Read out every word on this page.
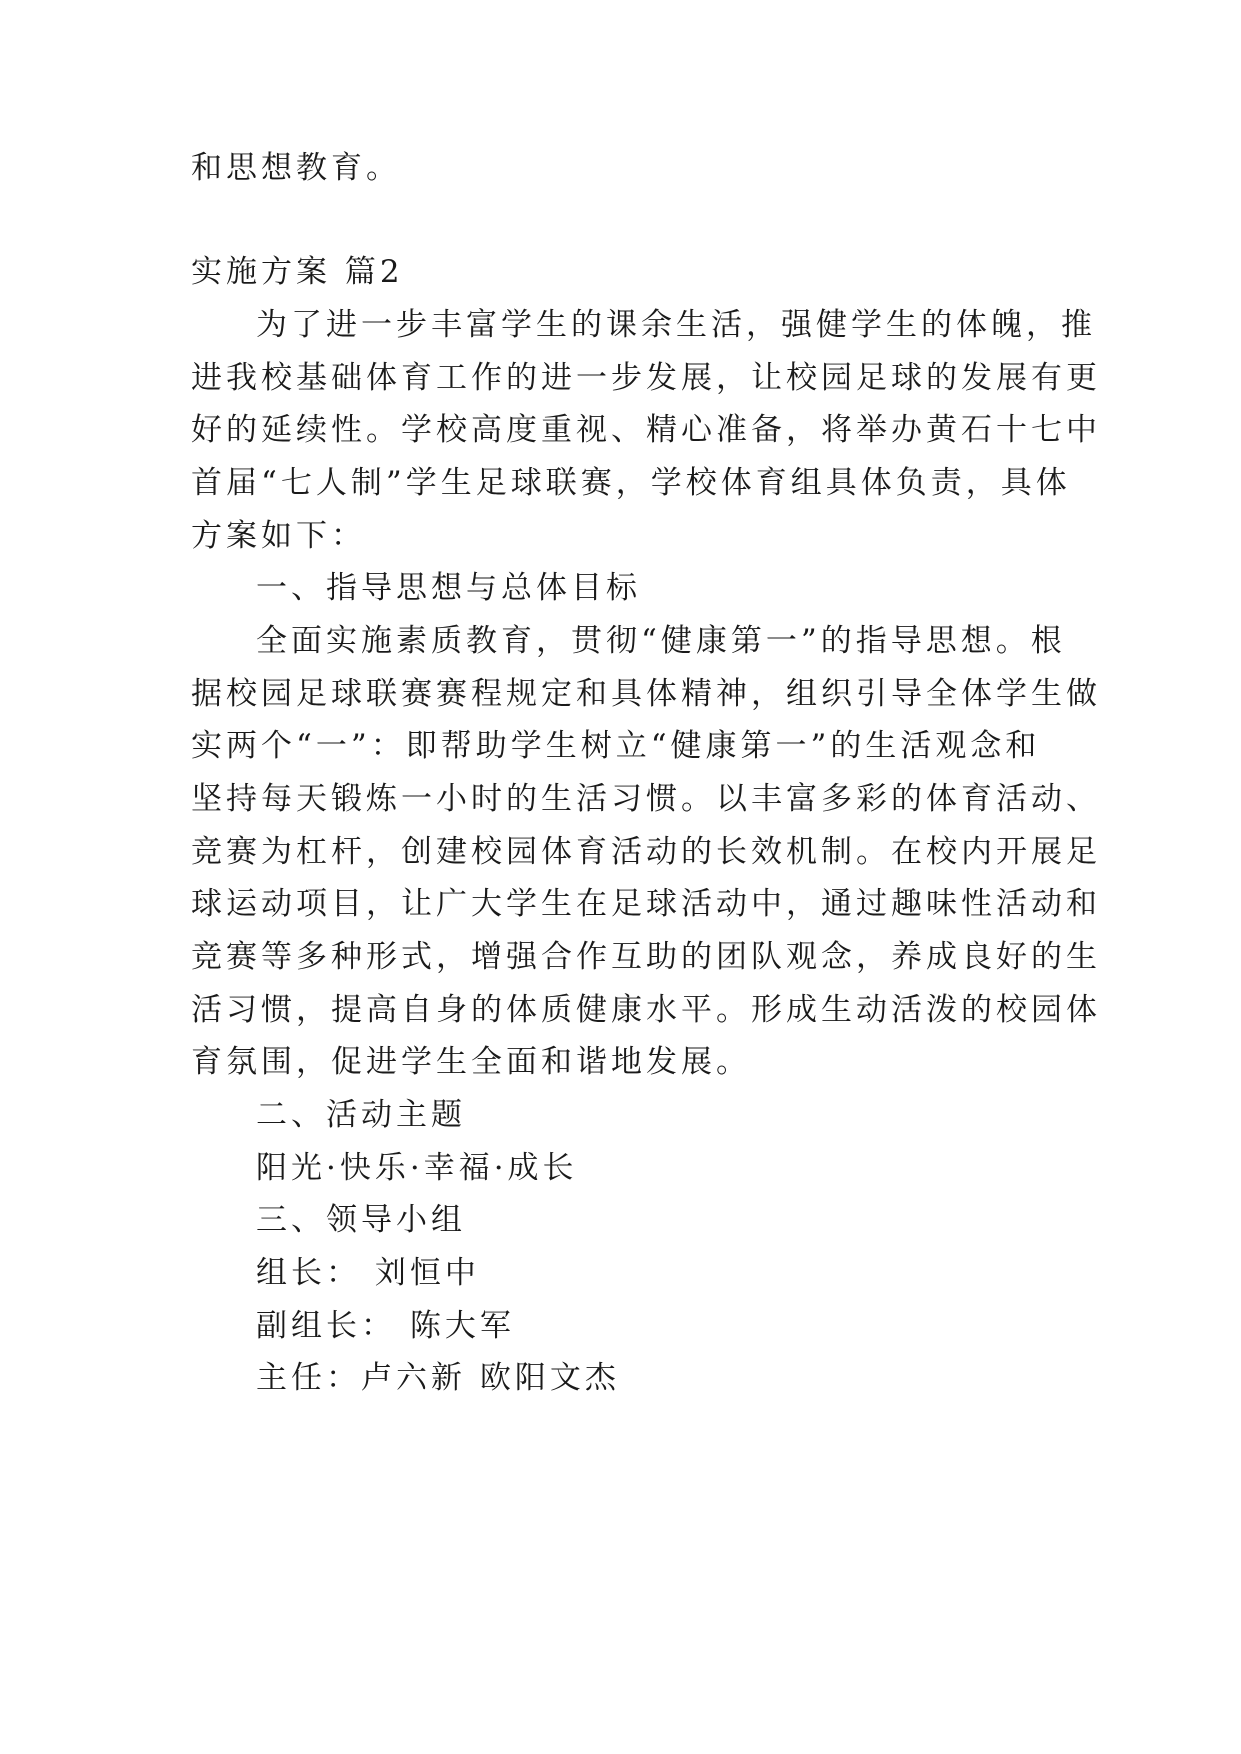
和思想教育。

实施方案 篇2

为了进一步丰富学生的课余生活，强健学生的体魄，推

进我校基础体育工作的进一步发展，让校园足球的发展有更

好的延续性。学校高度重视、精心准备，将举办黄石十七中

首届“七人制”学生足球联赛，学校体育组具体负责，具体

方案如下：

一、指导思想与总体目标

全面实施素质教育，贯彻“健康第一”的指导思想。根

据校园足球联赛赛程规定和具体精神，组织引导全体学生做

实两个“一”：即帮助学生树立“健康第一”的生活观念和

坚持每天锻炼一小时的生活习惯。以丰富多彩的体育活动、

竞赛为杠杆，创建校园体育活动的长效机制。在校内开展足

球运动项目，让广大学生在足球活动中，通过趣味性活动和

竞赛等多种形式，增强合作互助的团队观念，养成良好的生

活习惯，提高自身的体质健康水平。形成生动活泼的校园体

育氛围，促进学生全面和谐地发展。

二、活动主题

阳光·快乐·幸福·成长

三、领导小组

组长： 刘恒中

副组长： 陈大军

主任：卢六新 欧阳文杰
